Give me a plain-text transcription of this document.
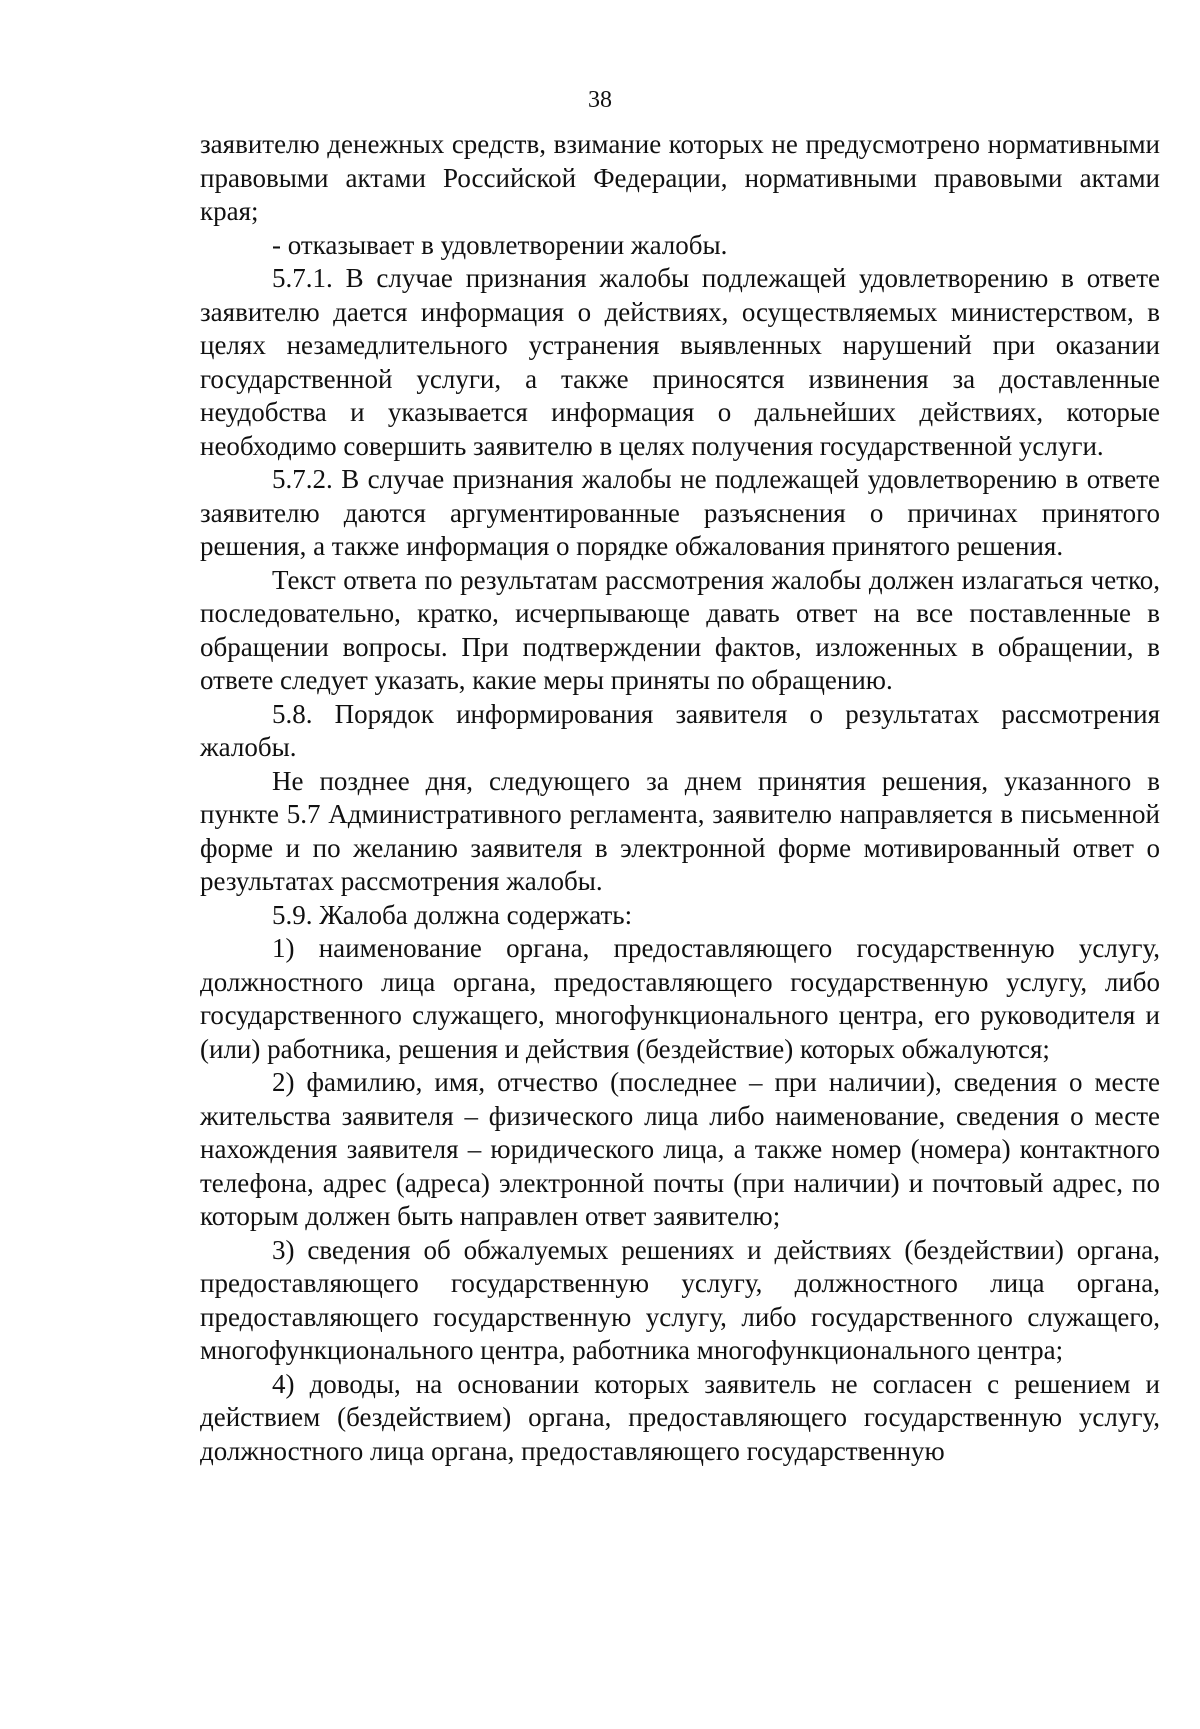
38

заявителю денежных средств, взимание которых не предусмотрено нормативными правовыми актами Российской Федерации, нормативными правовыми актами края;

- отказывает в удовлетворении жалобы.

5.7.1. В случае признания жалобы подлежащей удовлетворению в ответе заявителю дается информация о действиях, осуществляемых министерством, в целях незамедлительного устранения выявленных нарушений при оказании государственной услуги, а также приносятся извинения за доставленные неудобства и указывается информация о дальнейших действиях, которые необходимо совершить заявителю в целях получения государственной услуги.

5.7.2. В случае признания жалобы не подлежащей удовлетворению в ответе заявителю даются аргументированные разъяснения о причинах принятого решения, а также информация о порядке обжалования принятого решения.

Текст ответа по результатам рассмотрения жалобы должен излагаться четко, последовательно, кратко, исчерпывающе давать ответ на все поставленные в обращении вопросы. При подтверждении фактов, изложенных в обращении, в ответе следует указать, какие меры приняты по обращению.

5.8. Порядок информирования заявителя о результатах рассмотрения жалобы.

Не позднее дня, следующего за днем принятия решения, указанного в пункте 5.7 Административного регламента, заявителю направляется в письменной форме и по желанию заявителя в электронной форме мотивированный ответ о результатах рассмотрения жалобы.

5.9. Жалоба должна содержать:

1) наименование органа, предоставляющего государственную услугу, должностного лица органа, предоставляющего государственную услугу, либо государственного служащего, многофункционального центра, его руководителя и (или) работника, решения и действия (бездействие) которых обжалуются;

2) фамилию, имя, отчество (последнее – при наличии), сведения о месте жительства заявителя – физического лица либо наименование, сведения о месте нахождения заявителя – юридического лица, а также номер (номера) контактного телефона, адрес (адреса) электронной почты (при наличии) и почтовый адрес, по которым должен быть направлен ответ заявителю;

3) сведения об обжалуемых решениях и действиях (бездействии) органа, предоставляющего государственную услугу, должностного лица органа, предоставляющего государственную услугу, либо государственного служащего, многофункционального центра, работника многофункционального центра;

4) доводы, на основании которых заявитель не согласен с решением и действием (бездействием) органа, предоставляющего государственную услугу, должностного лица органа, предоставляющего государственную
